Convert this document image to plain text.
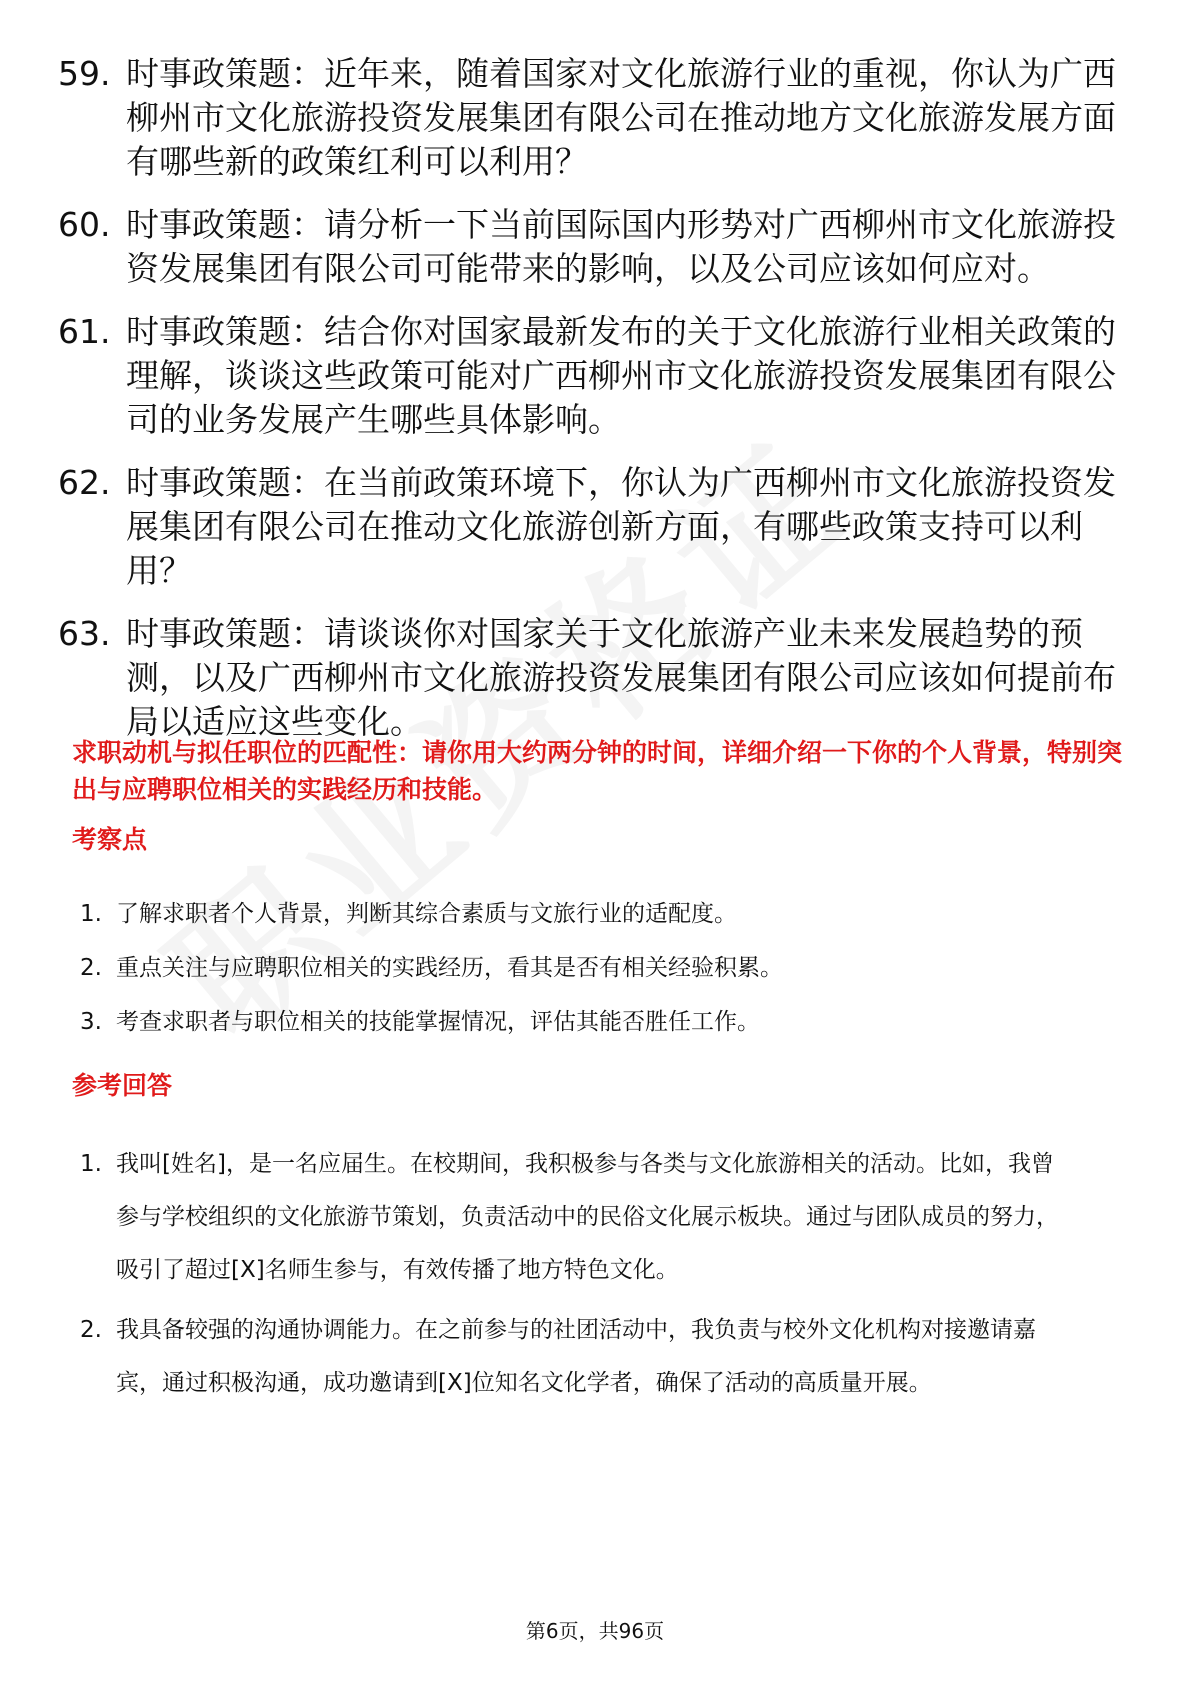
59. 时事政策题：近年来，随着国家对文化旅游行业的重视，你认为广西柳州市文化旅游投资发展集团有限公司在推动地方文化旅游发展方面有哪些新的政策红利可以利用？
60. 时事政策题：请分析一下当前国际国内形势对广西柳州市文化旅游投资发展集团有限公司可能带来的影响，以及公司应该如何应对。
61. 时事政策题：结合你对国家最新发布的关于文化旅游行业相关政策的理解，谈谈这些政策可能对广西柳州市文化旅游投资发展集团有限公司的业务发展产生哪些具体影响。
62. 时事政策题：在当前政策环境下，你认为广西柳州市文化旅游投资发展集团有限公司在推动文化旅游创新方面，有哪些政策支持可以利用？
63. 时事政策题：请谈谈你对国家关于文化旅游产业未来发展趋势的预测，以及广西柳州市文化旅游投资发展集团有限公司应该如何提前布局以适应这些变化。
求职动机与拟任职位的匹配性：请你用大约两分钟的时间，详细介绍一下你的个人背景，特别突出与应聘职位相关的实践经历和技能。
考察点
1. 了解求职者个人背景，判断其综合素质与文旅行业的适配度。
2. 重点关注与应聘职位相关的实践经历，看其是否有相关经验积累。
3. 考查求职者与职位相关的技能掌握情况，评估其能否胜任工作。
参考回答
1. 我叫[姓名]，是一名应届生。在校期间，我积极参与各类与文化旅游相关的活动。比如，我曾参与学校组织的文化旅游节策划，负责活动中的民俗文化展示板块。通过与团队成员的努力，吸引了超过[X]名师生参与，有效传播了地方特色文化。
2. 我具备较强的沟通协调能力。在之前参与的社团活动中，我负责与校外文化机构对接邀请嘉宾，通过积极沟通，成功邀请到[X]位知名文化学者，确保了活动的高质量开展。
第6页，共96页
